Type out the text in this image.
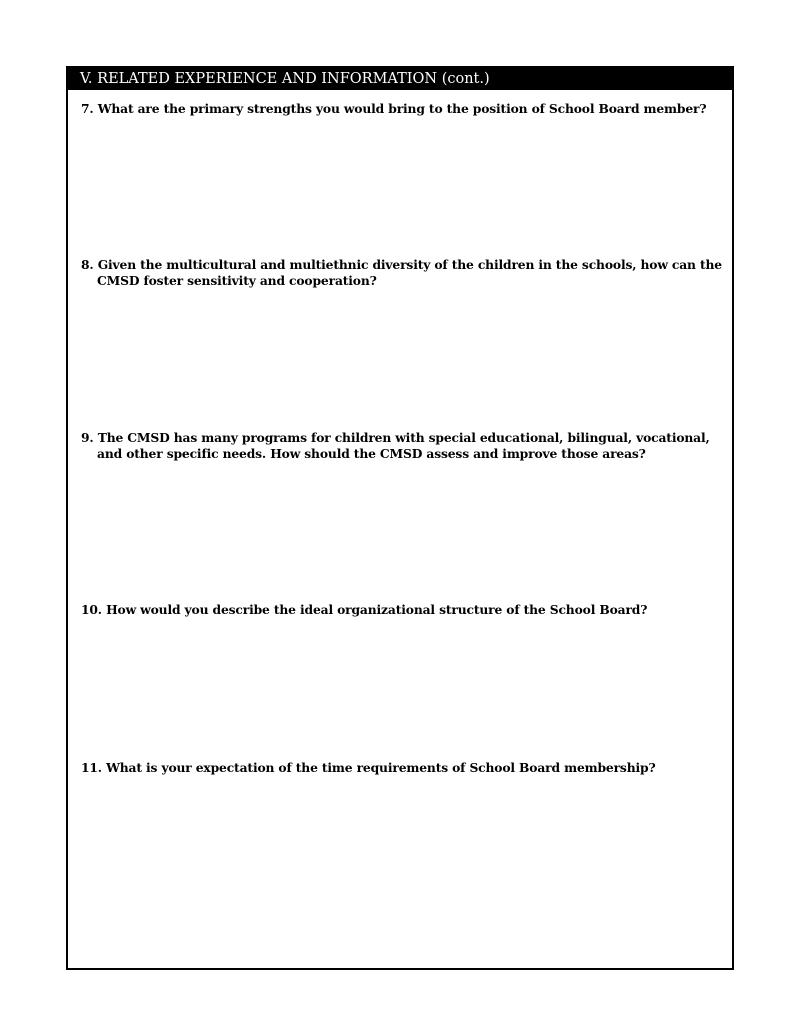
V. RELATED EXPERIENCE AND INFORMATION (cont.)
7. What are the primary strengths you would bring to the position of School Board member?
8. Given the multicultural and multiethnic diversity of the children in the schools, how can the CMSD foster sensitivity and cooperation?
9. The CMSD has many programs for children with special educational, bilingual, vocational, and other specific needs. How should the CMSD assess and improve those areas?
10. How would you describe the ideal organizational structure of the School Board?
11. What is your expectation of the time requirements of School Board membership?
